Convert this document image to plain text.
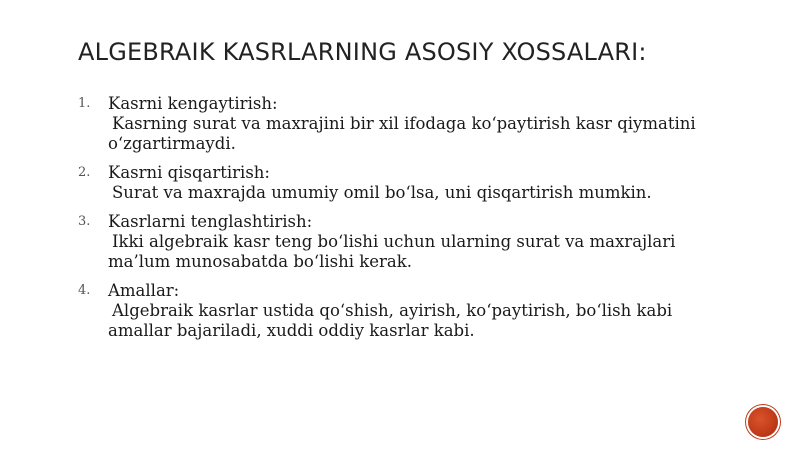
ALGEBRAIK KASRLARNING ASOSIY XOSSALARI:
1. Kasrni kengaytirish:
Kasrning surat va maxrajini bir xil ifodaga ko‘paytirish kasr qiymatini o‘zgartirmaydi.
2. Kasrni qisqartirish:
Surat va maxrajda umumiy omil bo‘lsa, uni qisqartirish mumkin.
3. Kasrlarni tenglashtirish:
Ikki algebraik kasr teng bo‘lishi uchun ularning surat va maxrajlari ma’lum munosabatda bo‘lishi kerak.
4. Amallar:
Algebraik kasrlar ustida qo‘shish, ayirish, ko‘paytirish, bo‘lish kabi amallar bajariladi, xuddi oddiy kasrlar kabi.
